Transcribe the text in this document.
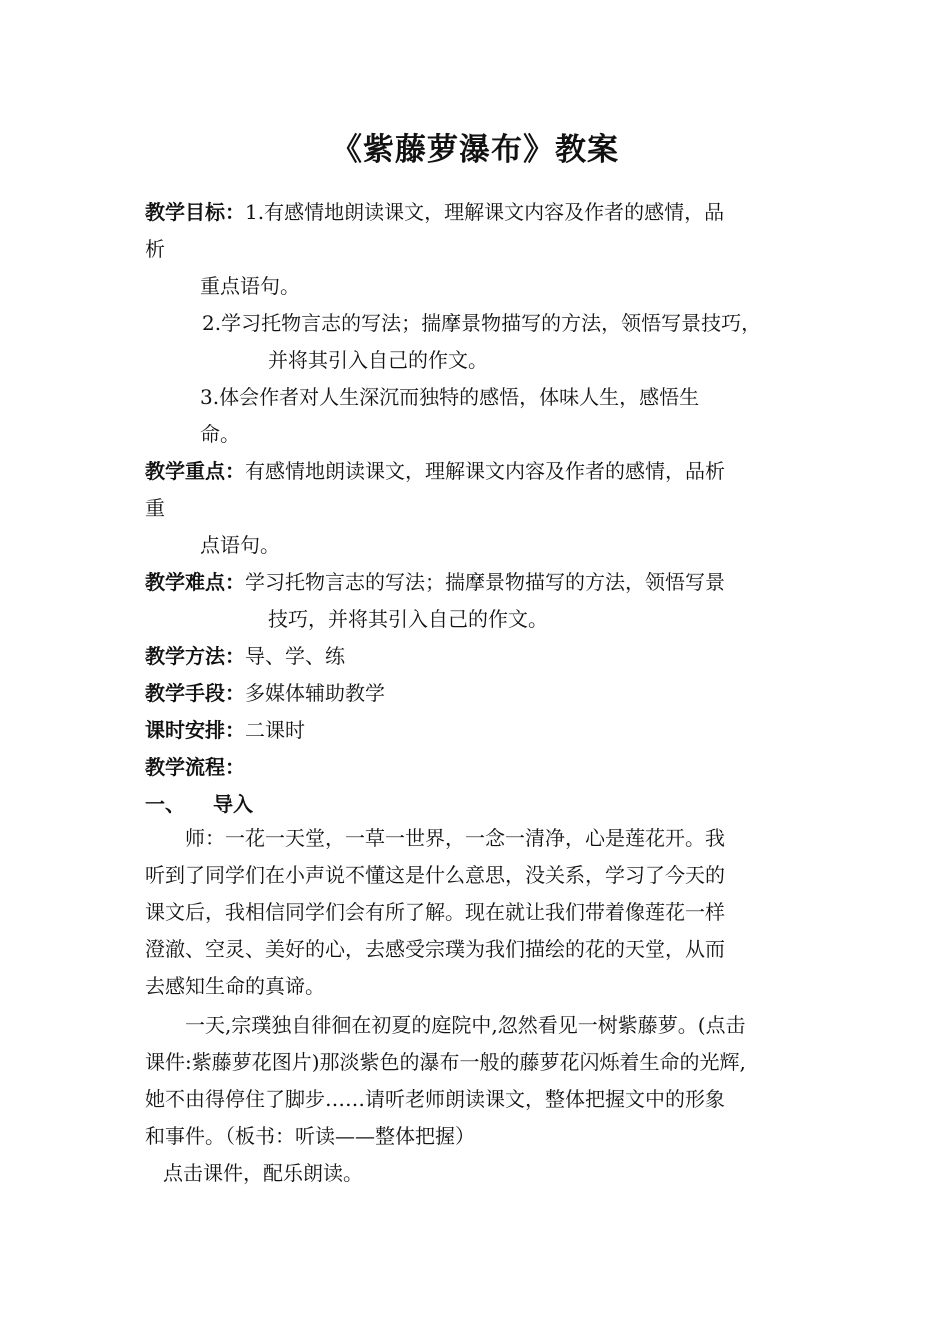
《紫藤萝瀑布》教案
教学目标：1.有感情地朗读课文，理解课文内容及作者的感情，品
析
重点语句。
2.学习托物言志的写法；揣摩景物描写的方法，领悟写景技巧，
并将其引入自己的作文。
3.体会作者对人生深沉而独特的感悟，体味人生，感悟生
命。
教学重点：有感情地朗读课文，理解课文内容及作者的感情，品析
重
点语句。
教学难点：学习托物言志的写法；揣摩景物描写的方法，领悟写景
技巧，并将其引入自己的作文。
教学方法：导、学、练
教学手段：多媒体辅助教学
课时安排：二课时
教学流程：
一、 导入
师：一花一天堂，一草一世界，一念一清净，心是莲花开。我
听到了同学们在小声说不懂这是什么意思，没关系，学习了今天的
课文后，我相信同学们会有所了解。现在就让我们带着像莲花一样
澄澈、空灵、美好的心，去感受宗璞为我们描绘的花的天堂，从而
去感知生命的真谛。
一天,宗璞独自徘徊在初夏的庭院中,忽然看见一树紫藤萝。(点击
课件:紫藤萝花图片)那淡紫色的瀑布一般的藤萝花闪烁着生命的光辉,
她不由得停住了脚步……请听老师朗读课文，整体把握文中的形象
和事件。（板书：听读——整体把握）
点击课件，配乐朗读。
